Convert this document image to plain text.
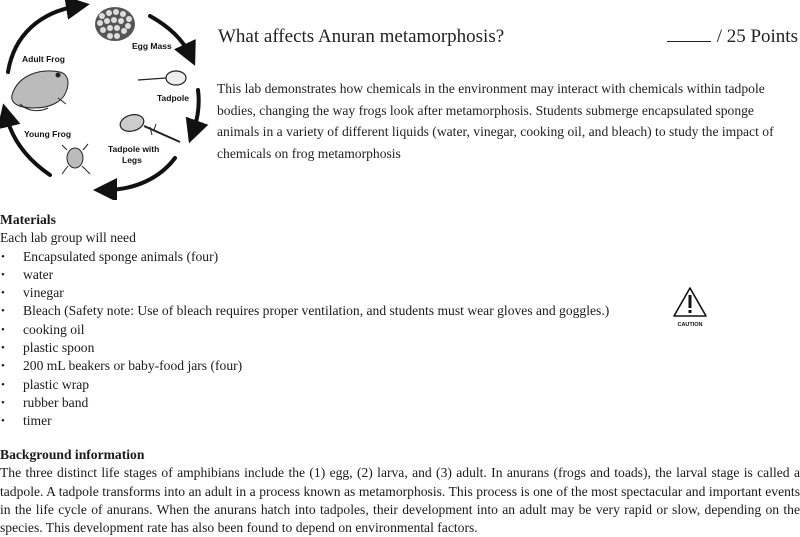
Egg Mass
Tadpole
Tadpole with
Legs
Young Frog
Adult Frog
What affects Anuran metamorphosis?	/ 25 Points
This lab demonstrates how chemicals in the environment may interact with chemicals within tadpole bodies, changing the way frogs look after metamorphosis. Students submerge encapsulated sponge animals in a variety of different liquids (water, vinegar, cooking oil, and bleach) to study the impact of chemicals on frog metamorphosis
Materials
Each lab group will need
• Encapsulated sponge animals (four)
• water
• vinegar
• Bleach (Safety note: Use of bleach requires proper ventilation, and students must wear gloves and goggles.)
• cooking oil
• plastic spoon
• 200 mL beakers or baby-food jars (four)
• plastic wrap
• rubber band
• timer
CAUTION
Background information

The three distinct life stages of amphibians include the (1) egg, (2) larva, and (3) adult. In anurans (frogs and toads), the larval stage is called a tadpole. A tadpole transforms into an adult in a process known as metamorphosis. This process is one of the most spectacular and important events in the life cycle of anurans. When the anurans hatch into tadpoles, their development into an adult may be very rapid or slow, depending on the species. This development rate has also been found to depend on environmental factors.
